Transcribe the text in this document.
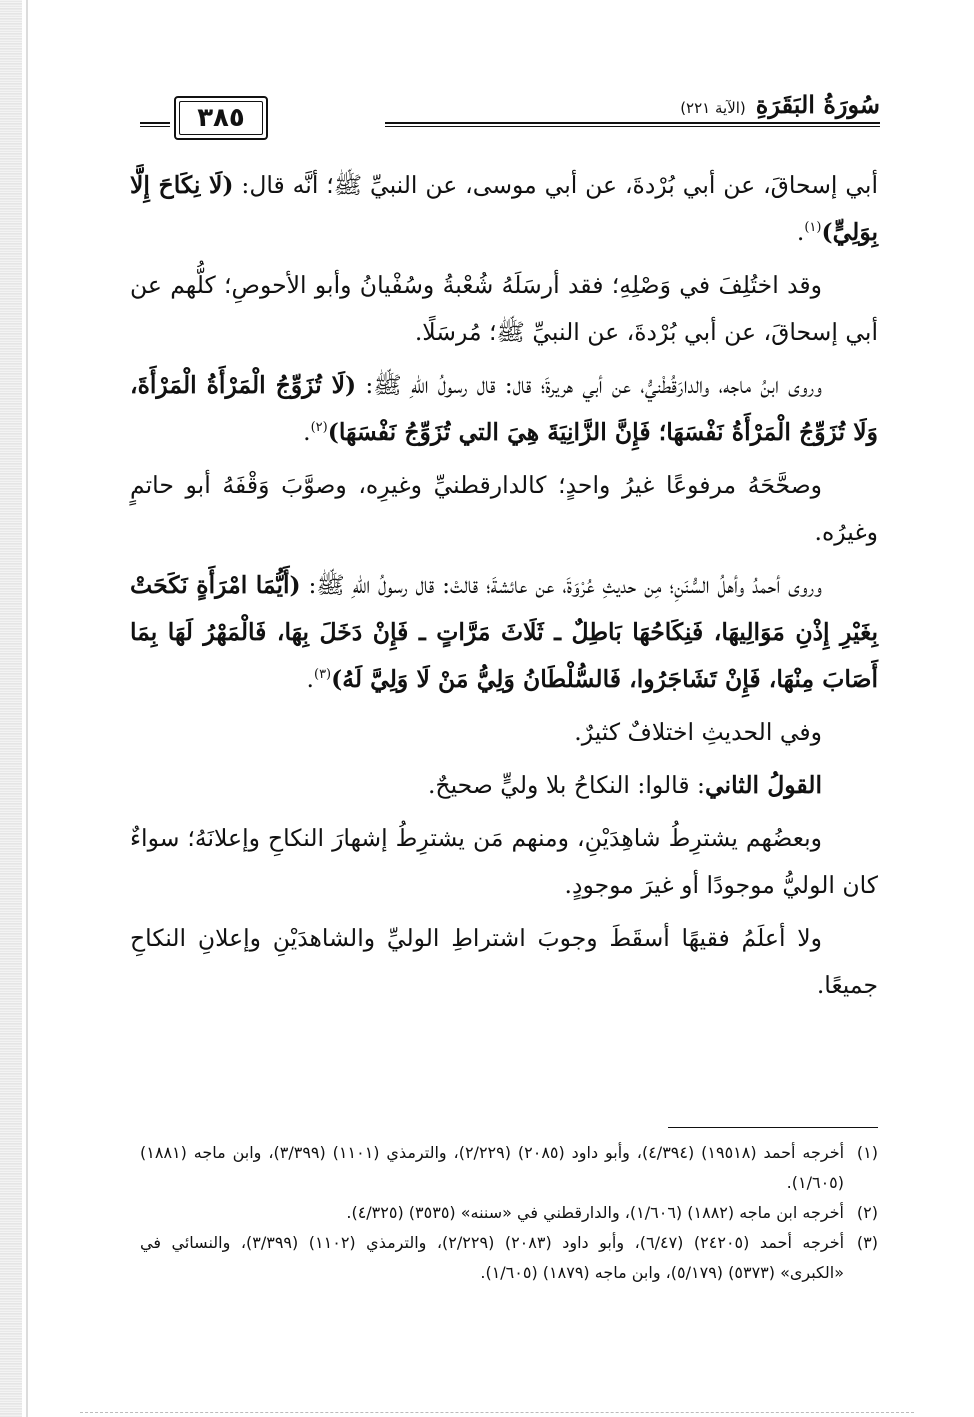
٣٨٥	سُورَةُ البَقَرَةِ
(الآية ٢٢١)

أبي إسحاقَ، عن أبي بُرْدةَ، عن أبي موسى، عن النبيِّ ﷺ؛ أنَّه قال: (لَا نِكَاحَ إِلَّا بِوَلِيٍّ)$^{(١)}$.

وقد اختُلِفَ في وَصْلِهِ؛ فقد أرسَلَهُ شُعْبةُ وسُفْيانُ وأبو الأحوصِ؛ كلُّهم عن أبي إسحاقَ، عن أبي بُرْدةَ، عن النبيِّ ﷺ؛ مُرسَلًا.

وروى ابنُ ماجه، والدارَقُطْنيُّ، عن أبي هريرةَ؛ قال: قال رسولُ اللهِ ﷺ: (لَا تُزَوِّجُ الْمَرْأَةُ الْمَرْأَةَ، وَلَا تُزَوِّجُ الْمَرْأَةُ نَفْسَهَا؛ فَإِنَّ الزَّانِيَةَ هِيَ التي تُزَوِّجُ نَفْسَهَا)$^{(٢)}$.

وصحَّحَهُ مرفوعًا غيرُ واحدٍ؛ كالدارقطنيِّ وغيرِه، وصوَّبَ وَقْفَهُ أبو حاتمٍ وغيرُه.

وروى أحمدُ وأهلُ السُّنَنِ؛ مِن حديثِ عُرْوَةَ، عن عائشةَ؛ قالتْ: قال رسولُ اللهِ ﷺ: (أَيُّمَا امْرَأَةٍ نَكَحَتْ بِغَيْرِ إِذْنِ مَوَالِيهَا، فَنِكَاحُهَا بَاطِلٌ ـ ثَلَاثَ مَرَّاتٍ ـ فَإِنْ دَخَلَ بِهَا، فَالْمَهْرُ لَهَا بِمَا أَصَابَ مِنْهَا، فَإِنْ تَشَاجَرُوا، فَالسُّلْطَانُ وَلِيُّ مَنْ لَا وَلِيَّ لَهُ)$^{(٣)}$.

وفي الحديثِ اختلافٌ كثيرٌ.

القولُ الثاني: قالوا: النكاحُ بلا وليٍّ صحيحٌ.

وبعضُهم يشترِطُ شاهِدَيْنِ، ومنهم مَن يشترِطُ إشهارَ النكاحِ وإعلانَهُ؛ سواءٌ كان الوليُّ موجودًا أو غيرَ موجودٍ.

ولا أعلَمُ فقيهًا أسقَطَ وجوبَ اشتراطِ الوليِّ والشاهدَيْنِ وإعلانِ النكاحِ جميعًا.

(١)
أخرجه أحمد (١٩٥١٨) (٤/٣٩٤)، وأبو داود (٢٠٨٥) (٢/٢٢٩)، والترمذي (١١٠١) (٣/٣٩٩)، وابن ماجه (١٨٨١) (١/٦٠٥).
(٢)
أخرجه ابن ماجه (١٨٨٢) (١/٦٠٦)، والدارقطني في «سننه» (٣٥٣٥) (٤/٣٢٥).
(٣)
أخرجه أحمد (٢٤٢٠٥) (٦/٤٧)، وأبو داود (٢٠٨٣) (٢/٢٢٩)، والترمذي (١١٠٢) (٣/٣٩٩)، والنسائي في «الكبرى» (٥٣٧٣) (٥/١٧٩)، وابن ماجه (١٨٧٩) (١/٦٠٥).
